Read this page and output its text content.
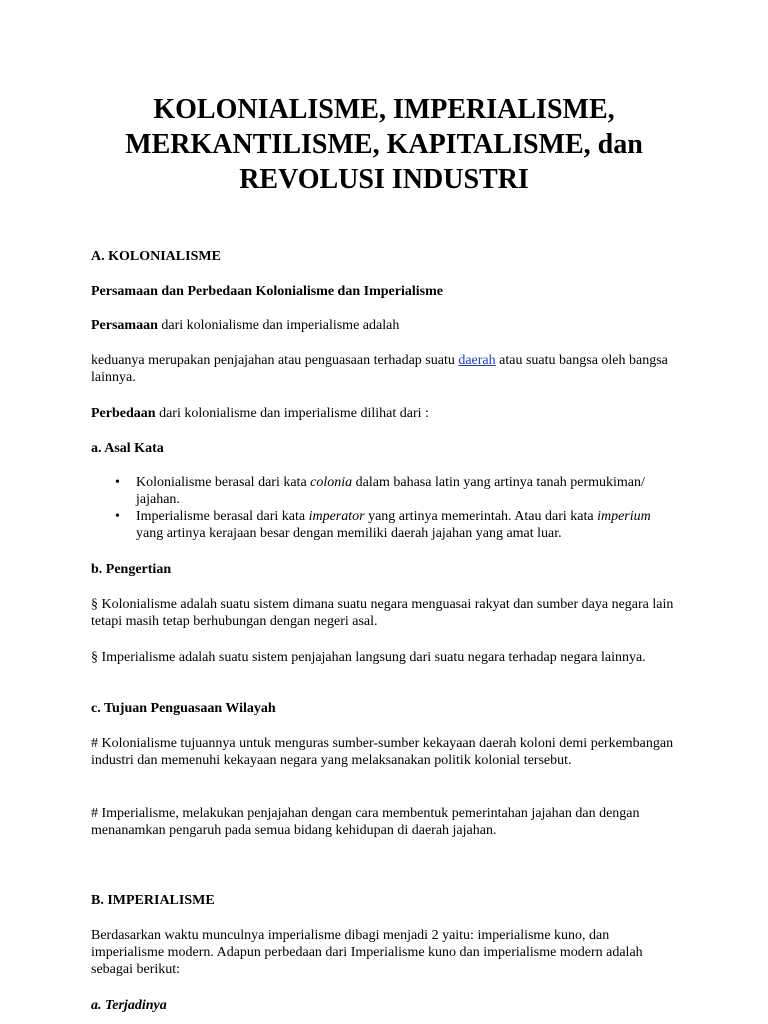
KOLONIALISME, IMPERIALISME,
MERKANTILISME, KAPITALISME, dan
REVOLUSI INDUSTRI

A. KOLONIALISME

Persamaan dan Perbedaan Kolonialisme dan Imperialisme

Persamaan dari kolonialisme dan imperialisme adalah

keduanya merupakan penjajahan atau penguasaan terhadap suatu daerah atau suatu bangsa oleh bangsa lainnya.

Perbedaan dari kolonialisme dan imperialisme dilihat dari :

a. Asal Kata

• Kolonialisme berasal dari kata colonia dalam bahasa latin yang artinya tanah permukiman/ jajahan.
• Imperialisme berasal dari kata imperator yang artinya memerintah. Atau dari kata imperium yang artinya kerajaan besar dengan memiliki daerah jajahan yang amat luar.

b. Pengertian

§ Kolonialisme adalah suatu sistem dimana suatu negara menguasai rakyat dan sumber daya negara lain tetapi masih tetap berhubungan dengan negeri asal.

§ Imperialisme adalah suatu sistem penjajahan langsung dari suatu negara terhadap negara lainnya.

c. Tujuan Penguasaan Wilayah

# Kolonialisme tujuannya untuk menguras sumber-sumber kekayaan daerah koloni demi perkembangan industri dan memenuhi kekayaan negara yang melaksanakan politik kolonial tersebut.

# Imperialisme, melakukan penjajahan dengan cara membentuk pemerintahan jajahan dan dengan menanamkan pengaruh pada semua bidang kehidupan di daerah jajahan.

B. IMPERIALISME

Berdasarkan waktu munculnya imperialisme dibagi menjadi 2 yaitu: imperialisme kuno, dan imperialisme modern. Adapun perbedaan dari Imperialisme kuno dan imperialisme modern adalah sebagai berikut:

a. Terjadinya
